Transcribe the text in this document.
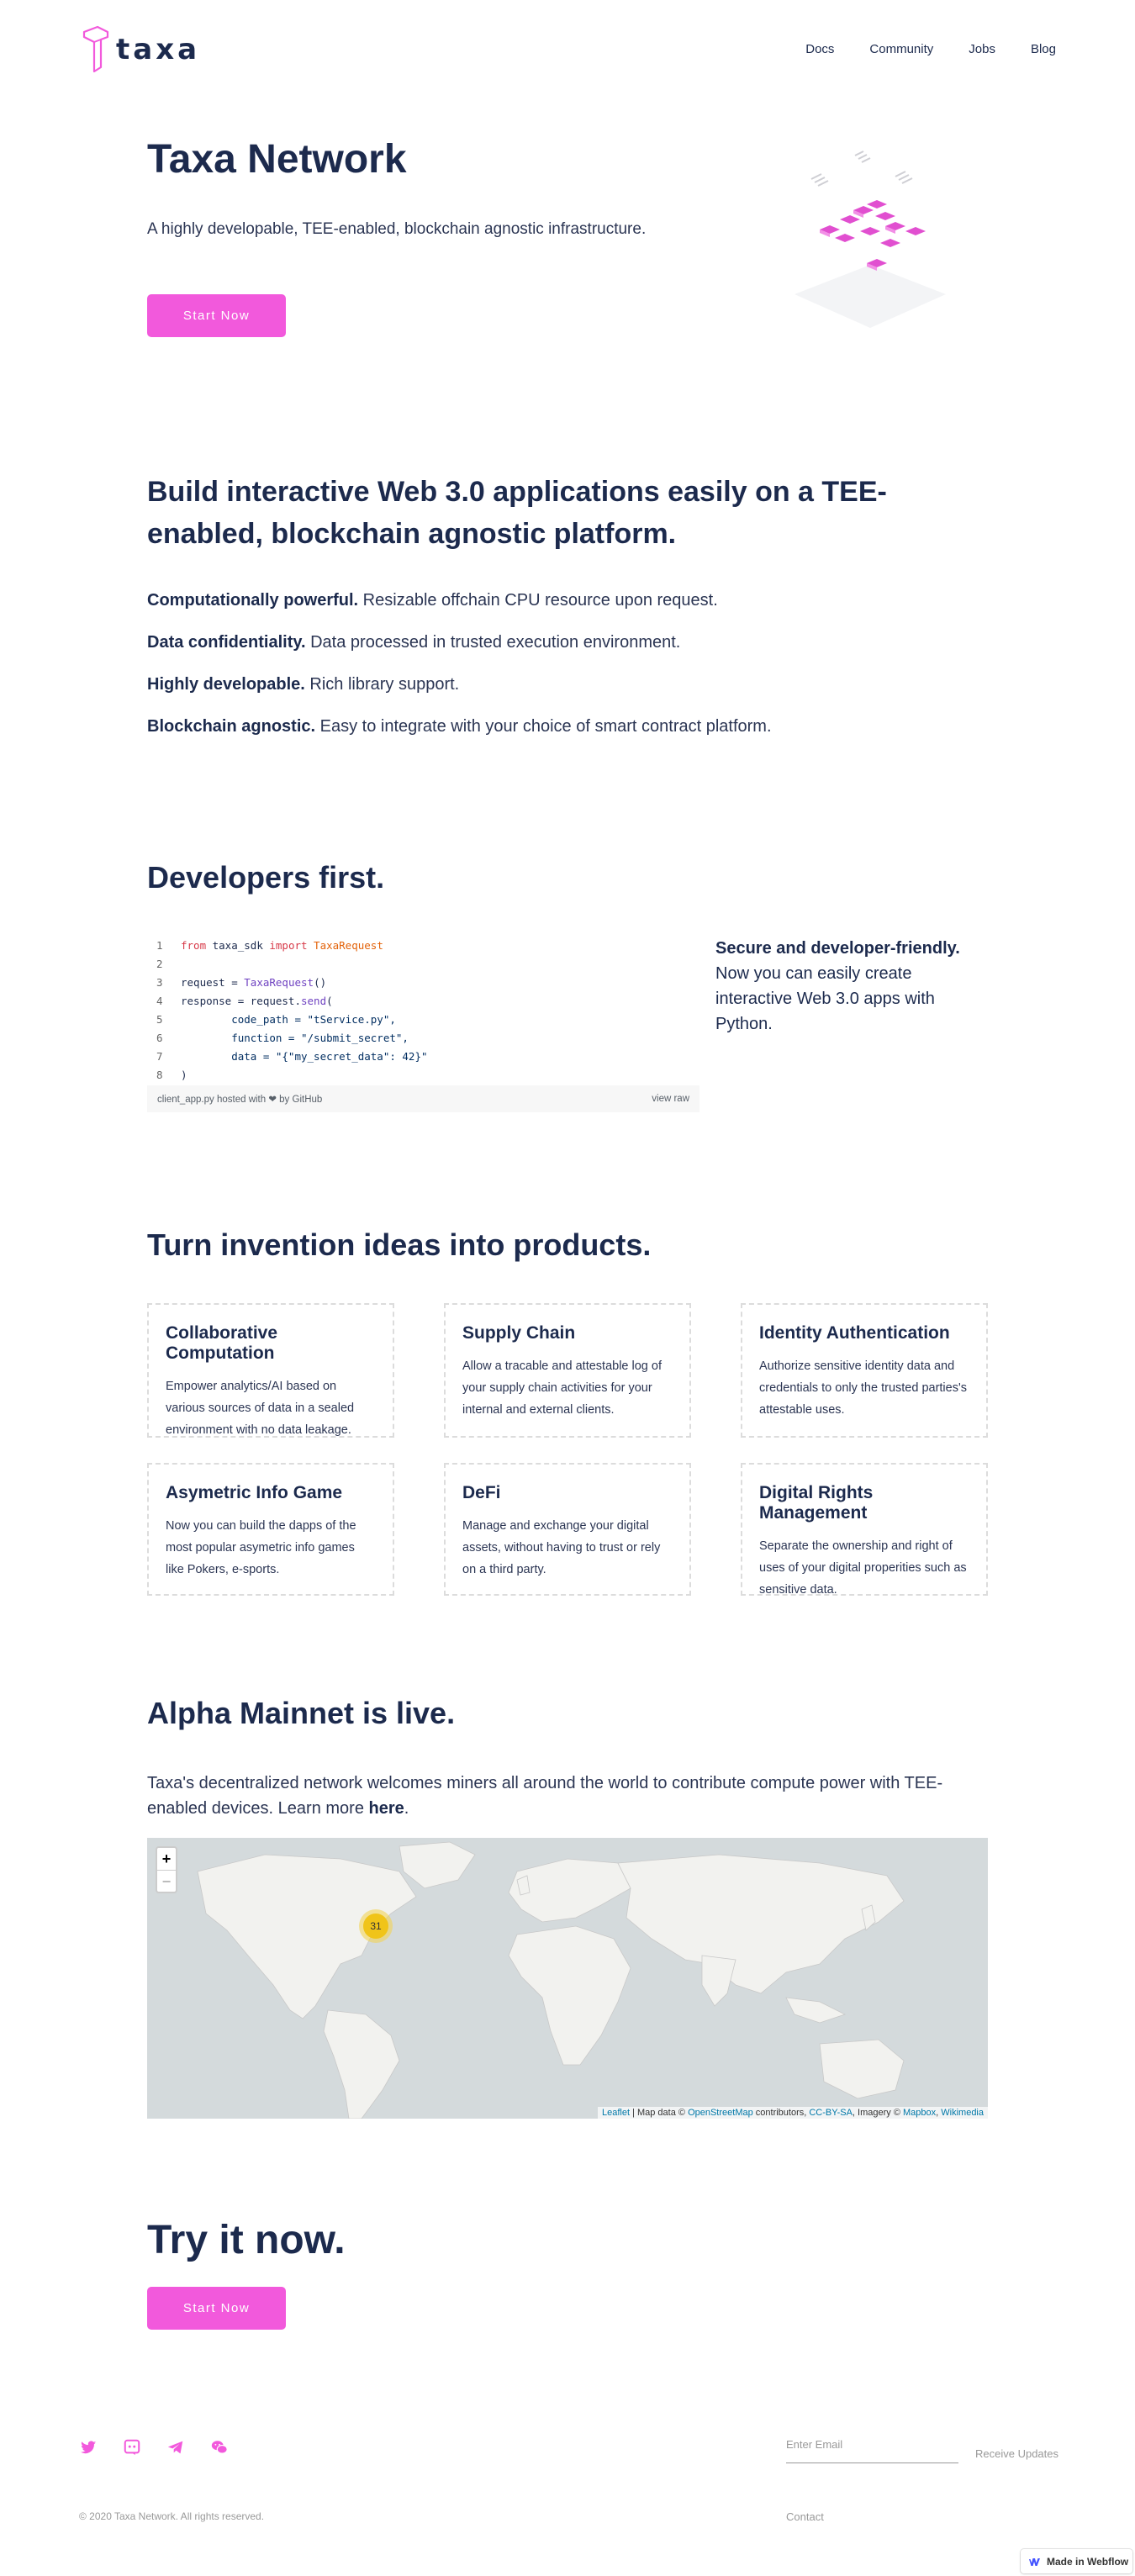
taxa	Docs	Community	Jobs	Blog
Taxa Network

A highly developable, TEE-enabled, blockchain agnostic infrastructure.

Start Now
Build interactive Web 3.0 applications easily on a TEE-enabled, blockchain agnostic platform.

Computationally powerful. Resizable offchain CPU resource upon request.

Data confidentiality. Data processed in trusted execution environment.

Highly developable. Rich library support.

Blockchain agnostic. Easy to integrate with your choice of smart contract platform.

Developers first.
1	from taxa_sdk import TaxaRequest
2
3	request = TaxaRequest ()
4	response = request. send (
5	code_path = "tService.py",
6	function = "/submit_secret",
7	data = "{"my_secret_data": 42}"
8	)
client_app.py hosted with ❤ by GitHub	view raw
Secure and developer-friendly.
Now you can easily create interactive Web 3.0 apps with Python.
Turn invention ideas into products.
Collaborative Computation

Empower analytics/AI based on various sources of data in a sealed environment with no data leakage.

Supply Chain

Allow a tracable and attestable log of your supply chain activities for your internal and external clients.

Identity Authentication

Authorize sensitive identity data and credentials to only the trusted parties's attestable uses.

Asymetric Info Game

Now you can build the dapps of the most popular asymetric info games like Pokers, e-sports.

DeFi

Manage and exchange your digital assets, without having to trust or rely on a third party.

Digital Rights Management

Separate the ownership and right of uses of your digital properities such as sensitive data.

Alpha Mainnet is live.

Taxa's decentralized network welcomes miners all around the world to contribute compute power with TEE-enabled devices. Learn more here.

+
−
31
Leaflet | Map data © OpenStreetMap contributors, CC-BY-SA, Imagery © Mapbox, Wikimedia
Try it now.
Start Now
Enter Email
Receive Updates
© 2020 Taxa Network. All rights reserved.	Contact
Made in Webflow
